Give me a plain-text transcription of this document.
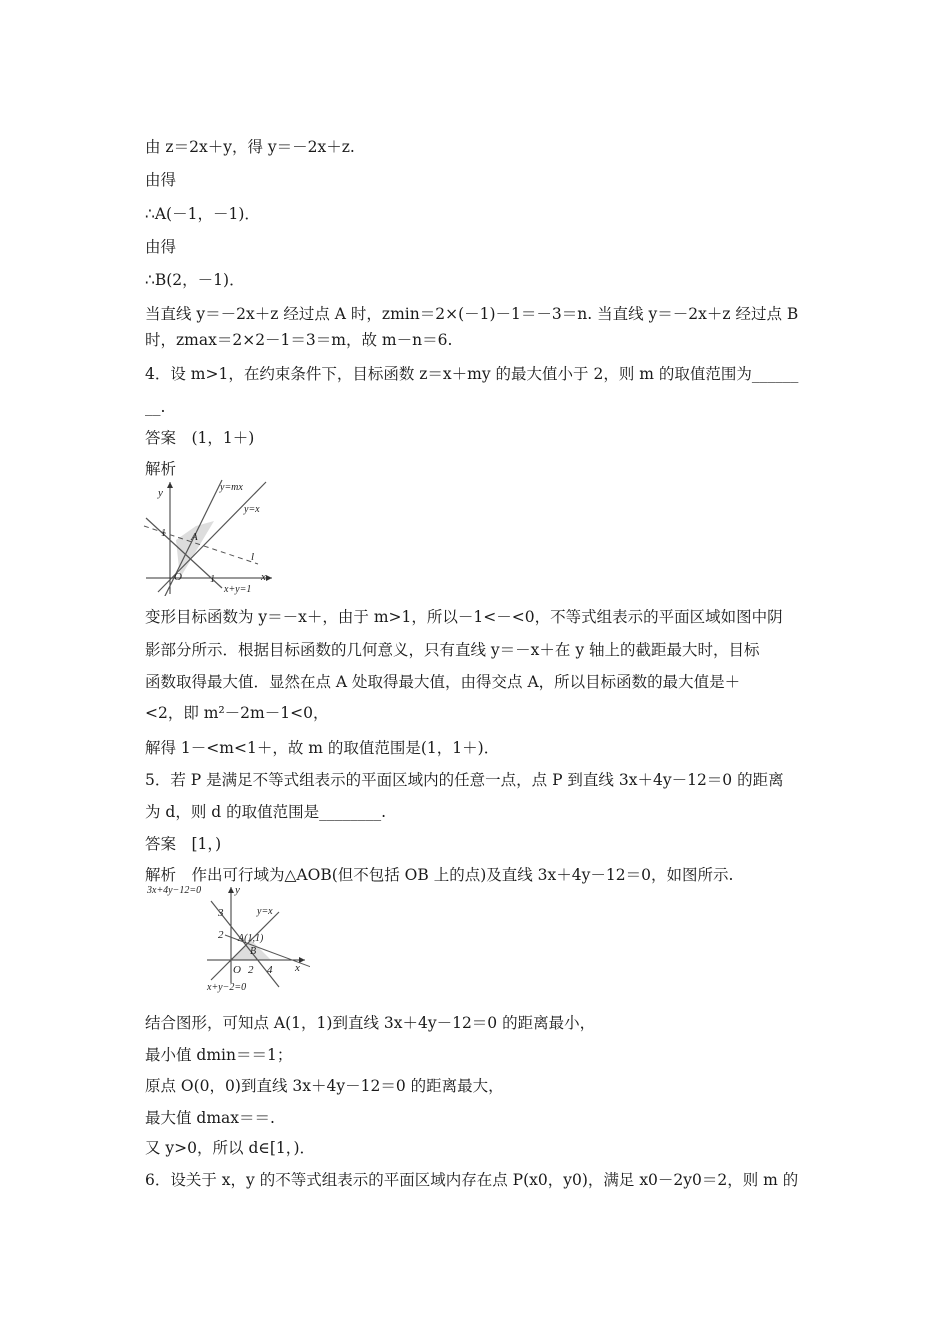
由 z＝2x＋y，得 y＝－2x＋z.
由得
∴A(－1，－1)．
由得
∴B(2，－1)．
当直线 y＝－2x＋z 经过点 A 时，zmin＝2×(－1)－1＝－3＝n. 当直线 y＝－2x＋z 经过点 B
时，zmax＝2×2－1＝3＝m，故 m－n＝6.
4．设 m>1，在约束条件下，目标函数 z＝x＋my 的最大值小于 2，则 m 的取值范围为______
__.
答案　(1，1＋)
解析
y	y=mx
y=x
1 A
l
O	1	x
x+y=1
变形目标函数为 y＝－x＋，由于 m>1，所以－1<－<0，不等式组表示的平面区域如图中阴
影部分所示．根据目标函数的几何意义，只有直线 y＝－x＋在 y 轴上的截距最大时，目标
函数取得最大值．显然在点 A 处取得最大值，由得交点 A，所以目标函数的最大值是＋
<2，即 m²－2m－1<0，
解得 1－<m<1＋，故 m 的取值范围是(1，1＋)．
5．若 P 是满足不等式组表示的平面区域内的任意一点，点 P 到直线 3x＋4y－12＝0 的距离
为 d，则 d 的取值范围是________.
答案　[1，)
解析　作出可行域为△AOB(但不包括 OB 上的点)及直线 3x＋4y－12＝0，如图所示.
3x+4y−12=0	y
3	y=x
2 A(1,1)
B
O 2 4 x
x+y−2=0
结合图形，可知点 A(1，1)到直线 3x＋4y－12＝0 的距离最小，
最小值 dmin＝＝1；
原点 O(0，0)到直线 3x＋4y－12＝0 的距离最大，
最大值 dmax＝＝.
又 y>0，所以 d∈[1，)．
6．设关于 x，y 的不等式组表示的平面区域内存在点 P(x0，y0)，满足 x0－2y0＝2，则 m 的
